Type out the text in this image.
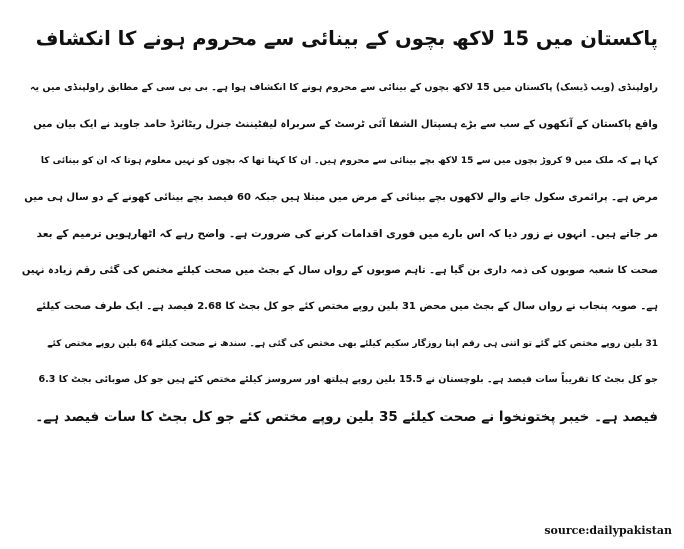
پاکستان میں 15 لاکھ بچوں کے بینائی سے محروم ہونے کا انکشاف
راولپنڈی (ویب ڈیسک) پاکستان میں 15 لاکھ بچوں کے بینائی سے محروم ہونے کا انکشاف ہوا ہے۔ بی بی سی کے مطابق راولپنڈی میں یہ
واقع پاکستان کے آنکھوں کے سب سے بڑے ہسپتال الشفا آئی ٹرسٹ کے سربراہ لیفٹیننٹ جنرل ریٹائرڈ حامد جاوید نے ایک بیان میں
کہا ہے کہ ملک میں 9 کروڑ بچوں میں سے 15 لاکھ بچے بینائی سے محروم ہیں۔ ان کا کہنا تھا کہ بچوں کو نہیں معلوم ہوتا کہ ان کو بینائی کا
مرض ہے۔ پرائمری سکول جانے والے لاکھوں بچے بینائی کے مرض میں مبتلا ہیں جبکہ 60 فیصد بچے بینائی کھونے کے دو سال ہی میں
مر جاتے ہیں۔ انہوں نے زور دیا کہ اس بارے میں فوری اقدامات کرنے کی ضرورت ہے۔ واضح رہے کہ اٹھارہویں ترمیم کے بعد
صحت کا شعبہ صوبوں کی ذمہ داری بن گیا ہے۔ تاہم صوبوں کے رواں سال کے بجٹ میں صحت کیلئے مختص کی گئی رقم زیادہ نہیں
ہے۔ صوبہ پنجاب نے رواں سال کے بجٹ میں محض 31 بلین روپے مختص کئے جو کل بجٹ کا 2.68 فیصد ہے۔ ایک طرف صحت کیلئے
31 بلین روپے مختص کئے گئے تو اتنی ہی رقم اپنا روزگار سکیم کیلئے بھی مختص کی گئی ہے۔ سندھ نے صحت کیلئے 64 بلین روپے مختص کئے
جو کل بجٹ کا تقریباً سات فیصد ہے۔ بلوچستان نے 15.5 بلین روپے ہیلتھ اور سروسز کیلئے مختص کئے ہیں جو کل صوبائی بجٹ کا 6.3
فیصد ہے۔ خیبر پختونخوا نے صحت کیلئے 35 بلین روپے مختص کئے جو کل بجٹ کا سات فیصد ہے۔
source:dailypakistan
